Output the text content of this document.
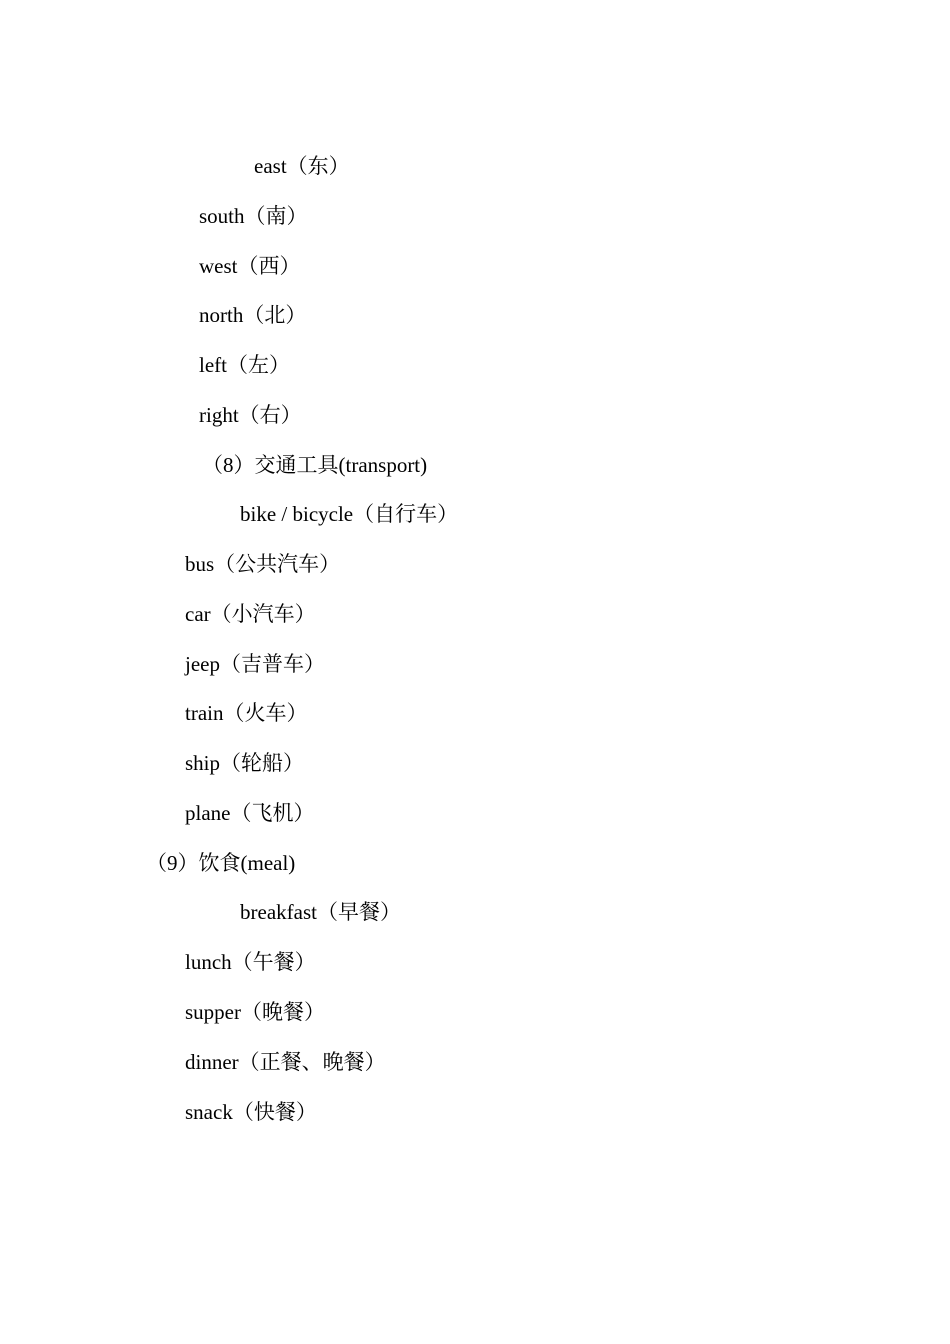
east（东）
south（南）
west（西）
north（北）
left（左）
right（右）
（8）交通工具(transport)
bike / bicycle（自行车）
bus（公共汽车）
car（小汽车）
jeep（吉普车）
train（火车）
ship（轮船）
plane（飞机）
（9）饮食(meal)
breakfast（早餐）
lunch（午餐）
supper（晚餐）
dinner（正餐、晚餐）
snack（快餐）
